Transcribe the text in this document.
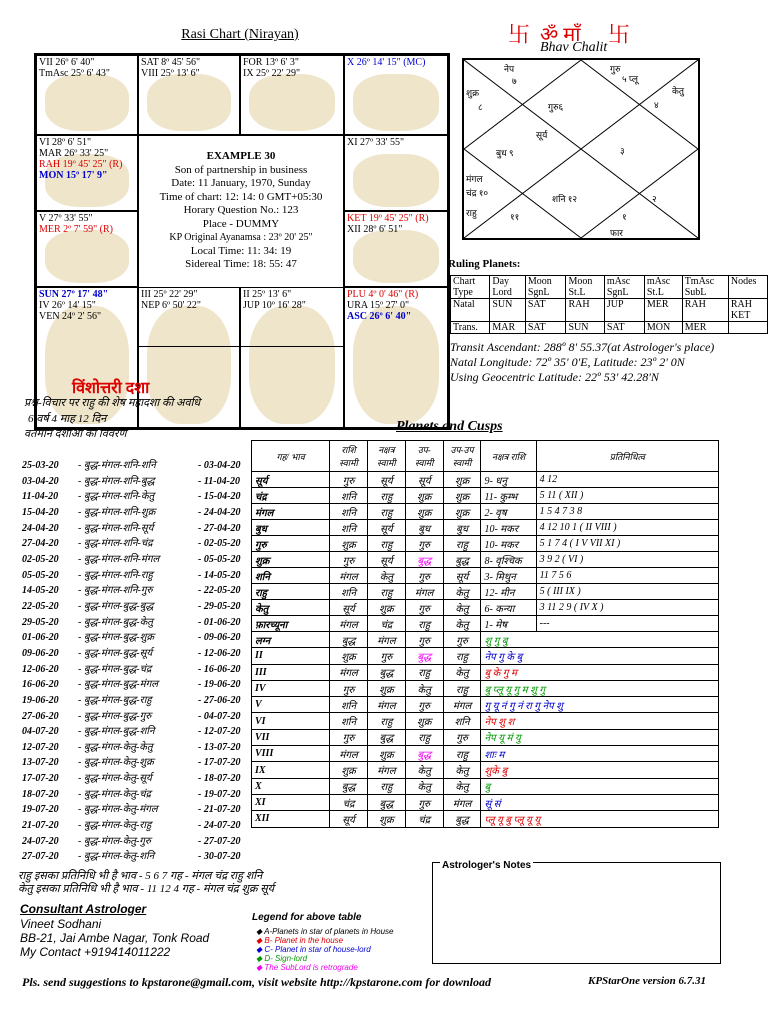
Rasi Chart (Nirayan)	卐 ॐ माँ 卐
Bhav Chalit
VII 26º 6' 40"
TmAsc 25º 6' 43"
SAT 8º 45' 56"
VIII 25º 13' 6"
FOR 13º 6' 3"
IX 25º 22' 29"
X 26º 14' 15" (MC)
VI 28º 6' 51"
MAR 26º 33' 25"
RAH 19º 45' 25" (R)
MON 15º 17' 9"
XI 27º 33' 55"
V 27º 33' 55"
MER 2º 7' 59" (R)
KET 19º 45' 25" (R)
XII 28º 6' 51"
SUN 27º 17' 48"
IV 26º 14' 15"
VEN 24º 2' 56"
III 25º 22' 29"
NEP 6º 50' 22"
II 25º 13' 6"
JUP 10º 16' 28"
PLU 4º 0' 46" (R)
URA 15º 27' 0"
ASC 26º 6' 40"
EXAMPLE 30
Son of partnership in business
Date: 11 January, 1970, Sunday
Time of chart: 12: 14: 0 GMT+05:30
Horary Question No.: 123
Place - DUMMY
KP Original Ayanamsa : 23º 20' 25"
Local Time: 11: 34: 19
Sidereal Time: 18: 55: 47
नेप
७
गुरु
५ प्लू
शुक्र
८	गुरु६	४
केतु
सूर्य
बुध ९	३
मंगल
चंद्र १०
शनि १२	२
राहु	११	१
फार
Ruling Planets:
Chart Type	Day Lord	Moon SgnL	Moon St.L	mAsc SgnL	mAsc St.L	TmAsc SubL	Nodes
Natal	SUN	SAT	RAH	JUP	MER	RAH	RAH KET
Trans.	MAR	SAT	SUN	SAT	MON	MER	
Transit Ascendant: 288º 8' 55.37(at Astrologer's place)
Natal Longitude: 72º 35' 0'E, Latitude: 23º 2' 0N
Using Geocentric Latitude: 22º 53' 42.28'N
विंशोत्तरी दशा
प्रश्न-विचार पर राहु की शेष महादशा की अवधि
6 वर्ष 4 माह 12 दिन
वर्तमान दशाओं का विवरण
25-03-20	- बुद्ध-मंगल-शनि-शनि	- 03-04-20
03-04-20	- बुद्ध-मंगल-शनि-बुद्ध	- 11-04-20
11-04-20	- बुद्ध-मंगल-शनि-केतु	- 15-04-20
15-04-20	- बुद्ध-मंगल-शनि-शुक्र	- 24-04-20
24-04-20	- बुद्ध-मंगल-शनि-सूर्य	- 27-04-20
27-04-20	- बुद्ध-मंगल-शनि-चंद्र	- 02-05-20
02-05-20	- बुद्ध-मंगल-शनि-मंगल	- 05-05-20
05-05-20	- बुद्ध-मंगल-शनि-राहु	- 14-05-20
14-05-20	- बुद्ध-मंगल-शनि-गुरु	- 22-05-20
22-05-20	- बुद्ध-मंगल-बुद्ध-बुद्ध	- 29-05-20
29-05-20	- बुद्ध-मंगल-बुद्ध-केतु	- 01-06-20
01-06-20	- बुद्ध-मंगल-बुद्ध-शुक्र	- 09-06-20
09-06-20	- बुद्ध-मंगल-बुद्ध-सूर्य	- 12-06-20
12-06-20	- बुद्ध-मंगल-बुद्ध-चंद्र	- 16-06-20
16-06-20	- बुद्ध-मंगल-बुद्ध-मंगल	- 19-06-20
19-06-20	- बुद्ध-मंगल-बुद्ध-राहु	- 27-06-20
27-06-20	- बुद्ध-मंगल-बुद्ध-गुरु	- 04-07-20
04-07-20	- बुद्ध-मंगल-बुद्ध-शनि	- 12-07-20
12-07-20	- बुद्ध-मंगल-केतु-केतु	- 13-07-20
13-07-20	- बुद्ध-मंगल-केतु-शुक्र	- 17-07-20
17-07-20	- बुद्ध-मंगल-केतु-सूर्य	- 18-07-20
18-07-20	- बुद्ध-मंगल-केतु-चंद्र	- 19-07-20
19-07-20	- बुद्ध-मंगल-केतु-मंगल	- 21-07-20
21-07-20	- बुद्ध-मंगल-केतु-राहु	- 24-07-20
24-07-20	- बुद्ध-मंगल-केतु-गुरु	- 27-07-20
27-07-20	- बुद्ध-मंगल-केतु-शनि	- 30-07-20
राहु इसका प्रतिनिधि भी है भाव - 5 6 7 गह - मंगल चंद्र राहु शनि
केतु इसका प्रतिनिधि भी है भाव - 11 12 4 गह - मंगल चंद्र शुक्र सूर्य
Planets and Cusps
गह/ भाव	राशि स्वामी	नक्षत्र स्वामी	उप- स्वामी	उप-उप स्वामी	नक्षत्र राशि	प्रतिनिधित्व
सूर्य	गुरु	सूर्य	सूर्य	शुक्र	9- धनु	4 12
चंद्र	शनि	राहु	शुक्र	शुक्र	11- कुम्भ	5 11 ( XII )
मंगल	शनि	राहु	शुक्र	शुक्र	2- वृष	1 5 4 7 3 8
बुध	शनि	सूर्य	बुध	बुध	10- मकर	4 12 10 1 ( II VIII )
गुरु	शुक्र	राहु	गुरु	राहु	10- मकर	5 1 7 4 ( I V VII XI )
शुक्र	गुरु	सूर्य	बुद्ध	बुद्ध	8- वृश्चिक	3 9 2 ( VI )
शनि	मंगल	केतु	गुरु	सूर्य	3- मिथुन	11 7 5 6
राहु	शनि	राहु	मंगल	केतु	12- मीन	5 ( III IX )
केतु	सूर्य	शुक्र	गुरु	केतु	6- कन्या	3 11 2 9 ( IV X )
फ़ारच्यूना	मंगल	चंद्र	राहु	केतु	1- मेष	---
लग्न	बुद्ध	मंगल	गुरु	गुरु	शु गु बु	
II	शुक्र	गुरु	बुद्ध	राहु	नेप गु के बु	
III	मंगल	बुद्ध	राहु	केतु	बु के गु म	
IV	गुरु	शुक्र	केतु	राहु	बु प्लू यू गु म शु गु	
V	शनि	मंगल	गुरु	मंगल	गु यू नं गु नं रा गु नेप शु	
VI	शनि	राहु	शुक्र	शनि	नेप शु श	
VII	गुरु	बुद्ध	राहु	गुरु	नेप यू मं यु	
VIII	मंगल	शुक्र	बुद्ध	राहु	शाः म	
IX	शुक्र	मंगल	केतु	केतु	शुके बु	
X	बुद्ध	राहु	केतु	केतु	बु	
XI	चंद्र	बुद्ध	गुरु	मंगल	सूं सं	
XII	सूर्य	शुक्र	चंद्र	बुद्ध	प्लू यू बु प्लू यू यू	
Astrologer's Notes
Consultant Astrologer
Vineet Sodhani
BB-21, Jai Ambe Nagar, Tonk Road
My Contact +919414011222
Legend for above table
◆ A-Planets in star of planets in House
◆ B- Planet in the house
◆ C- Planet in star of house-lord
◆ D- Sign-lord
◆ The SubLord is retrograde
Pls. send suggestions to kpstarone@gmail.com, visit website http://kpstarone.com for download	KPStarOne version 6.7.31
